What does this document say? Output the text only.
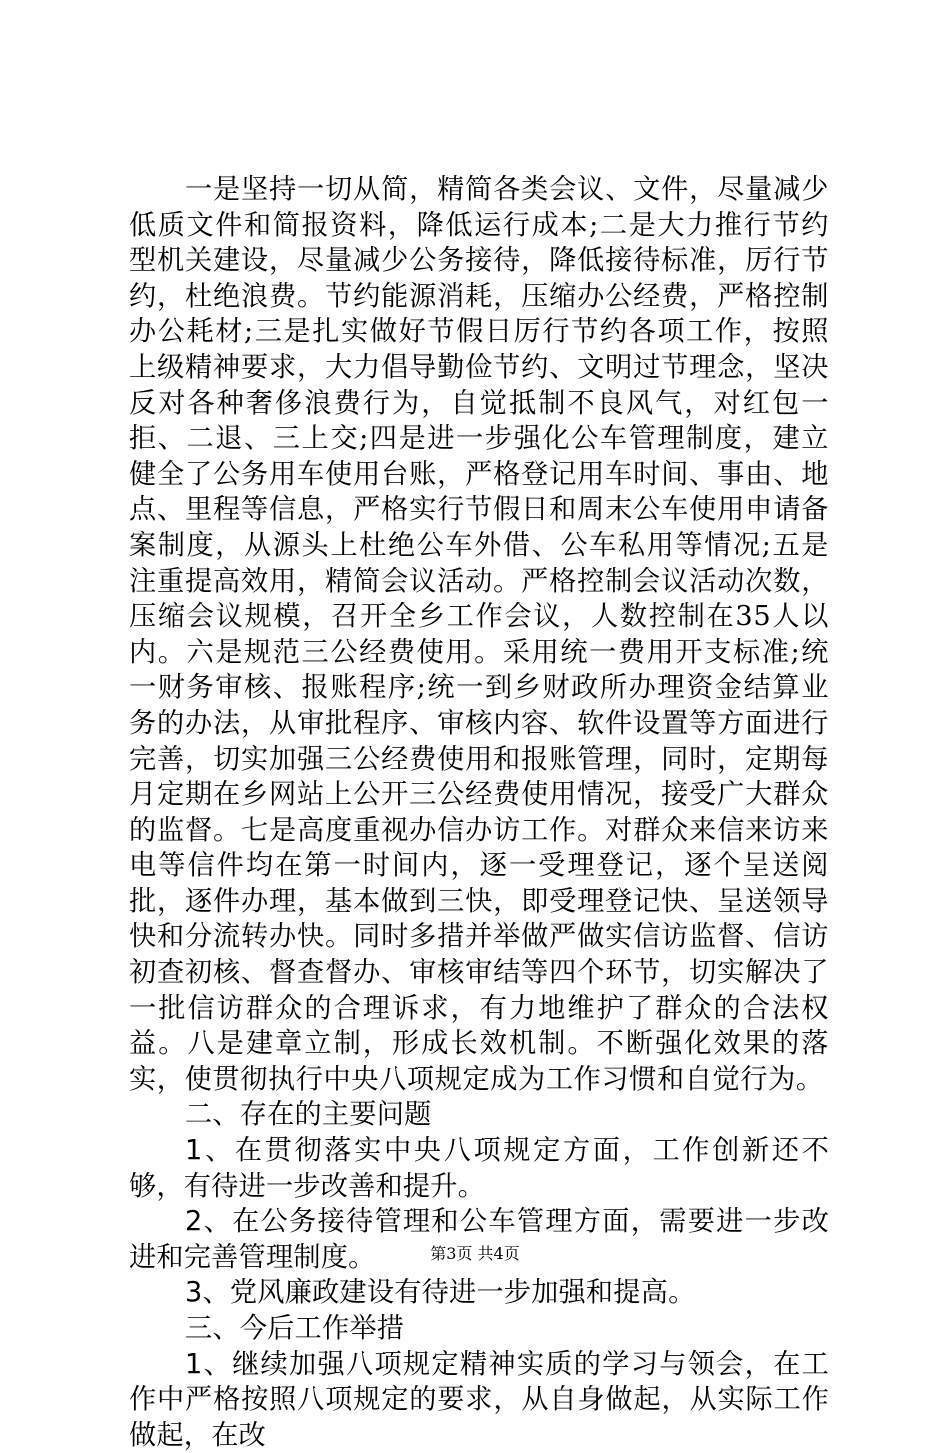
一是坚持一切从简，精简各类会议、文件，尽量减少低质文件和简报资料，降低运行成本;二是大力推行节约型机关建设，尽量减少公务接待，降低接待标准，厉行节约，杜绝浪费。节约能源消耗，压缩办公经费，严格控制办公耗材;三是扎实做好节假日厉行节约各项工作，按照上级精神要求，大力倡导勤俭节约、文明过节理念，坚决反对各种奢侈浪费行为，自觉抵制不良风气，对红包一拒、二退、三上交;四是进一步强化公车管理制度，建立健全了公务用车使用台账，严格登记用车时间、事由、地点、里程等信息，严格实行节假日和周末公车使用申请备案制度，从源头上杜绝公车外借、公车私用等情况;五是注重提高效用，精简会议活动。严格控制会议活动次数，压缩会议规模，召开全乡工作会议，人数控制在35人以内。六是规范三公经费使用。采用统一费用开支标准;统一财务审核、报账程序;统一到乡财政所办理资金结算业务的办法，从审批程序、审核内容、软件设置等方面进行完善，切实加强三公经费使用和报账管理，同时，定期每月定期在乡网站上公开三公经费使用情况，接受广大群众的监督。七是高度重视办信办访工作。对群众来信来访来电等信件均在第一时间内，逐一受理登记，逐个呈送阅批，逐件办理，基本做到三快，即受理登记快、呈送领导快和分流转办快。同时多措并举做严做实信访监督、信访初查初核、督查督办、审核审结等四个环节，切实解决了一批信访群众的合理诉求，有力地维护了群众的合法权益。八是建章立制，形成长效机制。不断强化效果的落实，使贯彻执行中央八项规定成为工作习惯和自觉行为。

二、存在的主要问题

1、在贯彻落实中央八项规定方面，工作创新还不够，有待进一步改善和提升。

2、在公务接待管理和公车管理方面，需要进一步改进和完善管理制度。

3、党风廉政建设有待进一步加强和提高。

三、今后工作举措

1、继续加强八项规定精神实质的学习与领会，在工作中严格按照八项规定的要求，从自身做起，从实际工作做起，在改

第3页 共4页
